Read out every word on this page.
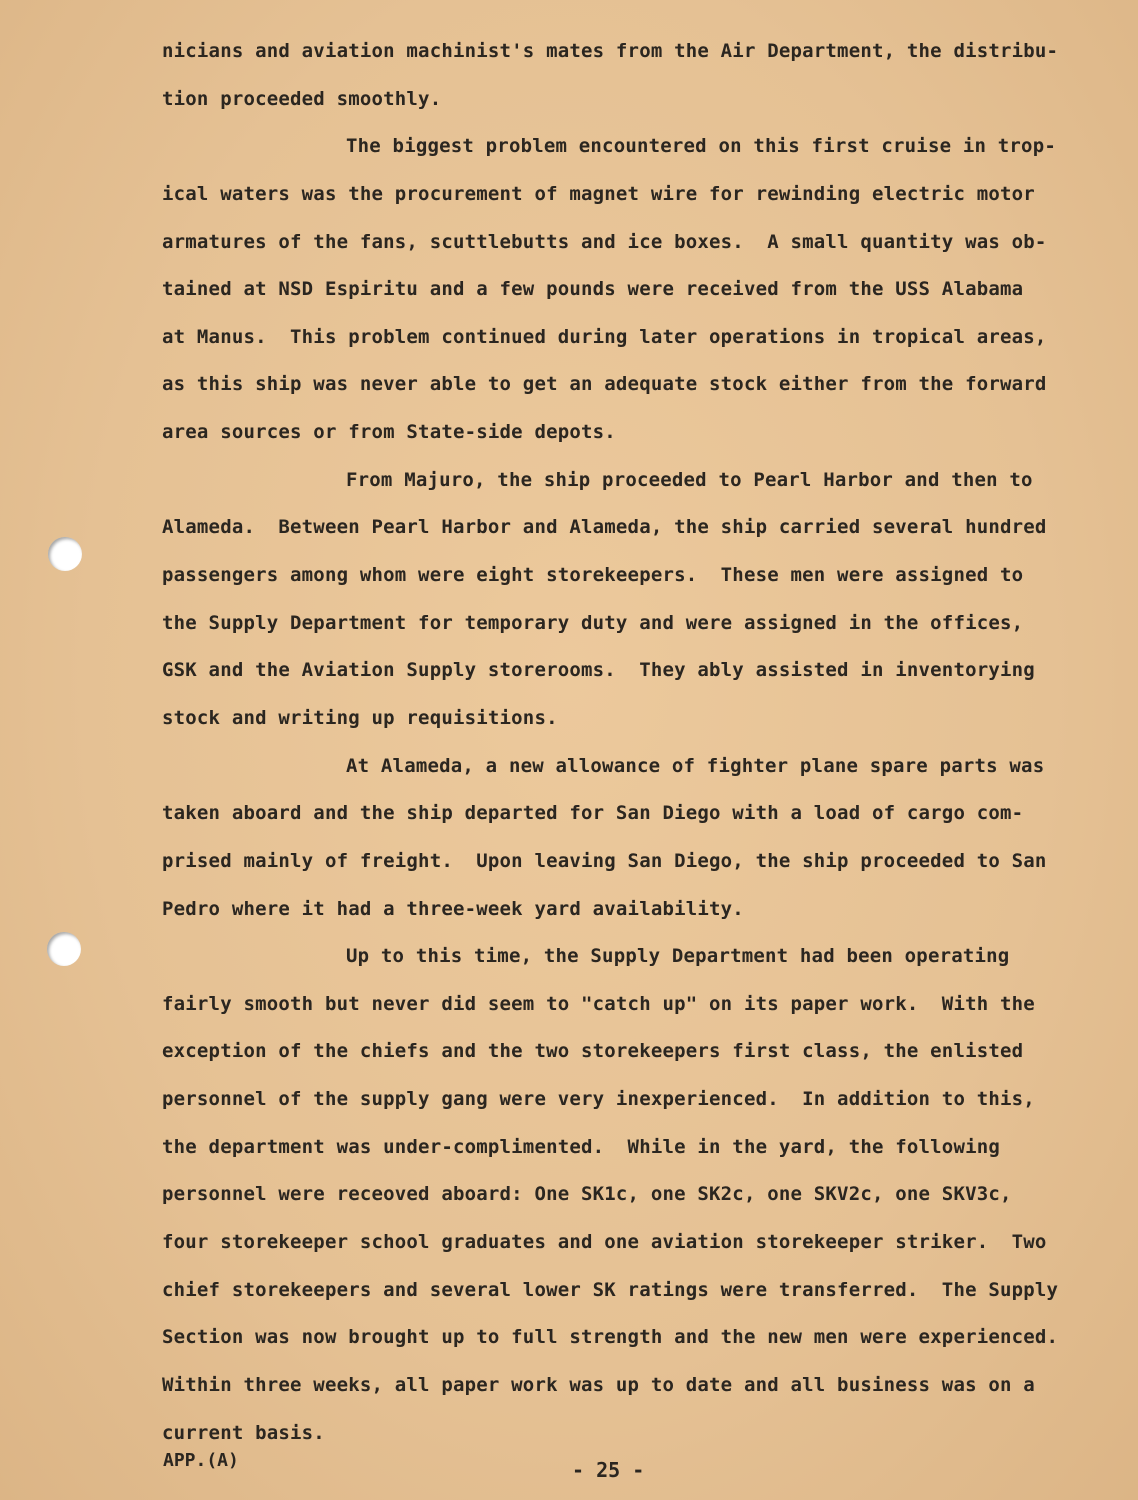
nicians and aviation machinist's mates from the Air Department, the distribu-
tion proceeded smoothly.
The biggest problem encountered on this first cruise in trop-
ical waters was the procurement of magnet wire for rewinding electric motor
armatures of the fans, scuttlebutts and ice boxes.  A small quantity was ob-
tained at NSD Espiritu and a few pounds were received from the USS Alabama
at Manus.  This problem continued during later operations in tropical areas,
as this ship was never able to get an adequate stock either from the forward
area sources or from State-side depots.
From Majuro, the ship proceeded to Pearl Harbor and then to
Alameda.  Between Pearl Harbor and Alameda, the ship carried several hundred
passengers among whom were eight storekeepers.  These men were assigned to
the Supply Department for temporary duty and were assigned in the offices,
GSK and the Aviation Supply storerooms.  They ably assisted in inventorying
stock and writing up requisitions.
At Alameda, a new allowance of fighter plane spare parts was
taken aboard and the ship departed for San Diego with a load of cargo com-
prised mainly of freight.  Upon leaving San Diego, the ship proceeded to San
Pedro where it had a three-week yard availability.
Up to this time, the Supply Department had been operating
fairly smooth but never did seem to "catch up" on its paper work.  With the
exception of the chiefs and the two storekeepers first class, the enlisted
personnel of the supply gang were very inexperienced.  In addition to this,
the department was under-complimented.  While in the yard, the following
personnel were receoved aboard: One SK1c, one SK2c, one SKV2c, one SKV3c,
four storekeeper school graduates and one aviation storekeeper striker.  Two
chief storekeepers and several lower SK ratings were transferred.  The Supply
Section was now brought up to full strength and the new men were experienced.
Within three weeks, all paper work was up to date and all business was on a
current basis.
APP.(A)	- 25 -
